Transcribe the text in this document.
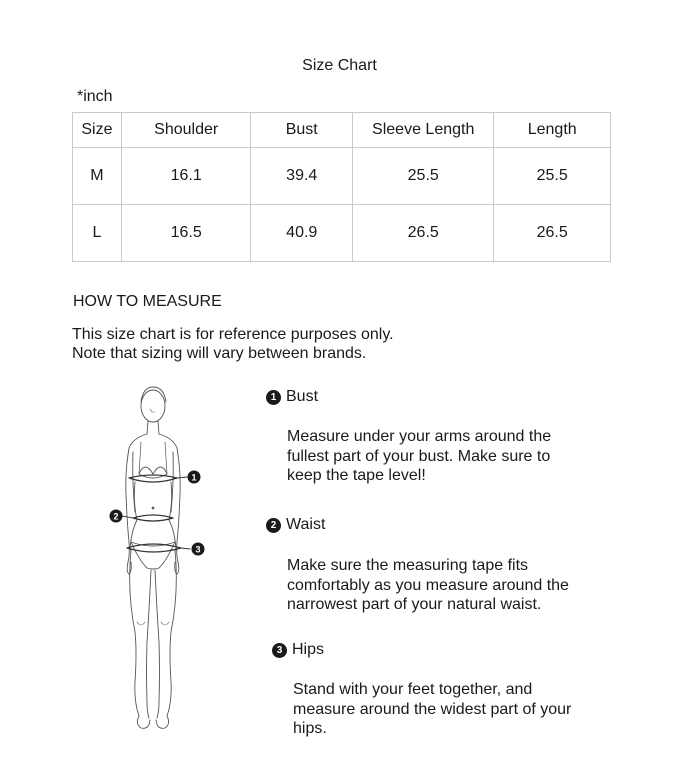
Size Chart
*inch
Size	Shoulder	Bust	Sleeve Length	Length
M	16.1	39.4	25.5	25.5
L	16.5	40.9	26.5	26.5
HOW TO MEASURE
This size chart is for reference purposes only.
Note that sizing will vary between brands.
1
2
3
1 Bust
Measure under your arms around the
fullest part of your bust. Make sure to
keep the tape level!
2 Waist
Make sure the measuring tape fits
comfortably as you measure around the
narrowest part of your natural waist.
3 Hips
Stand with your feet together, and
measure around the widest part of your
hips.
